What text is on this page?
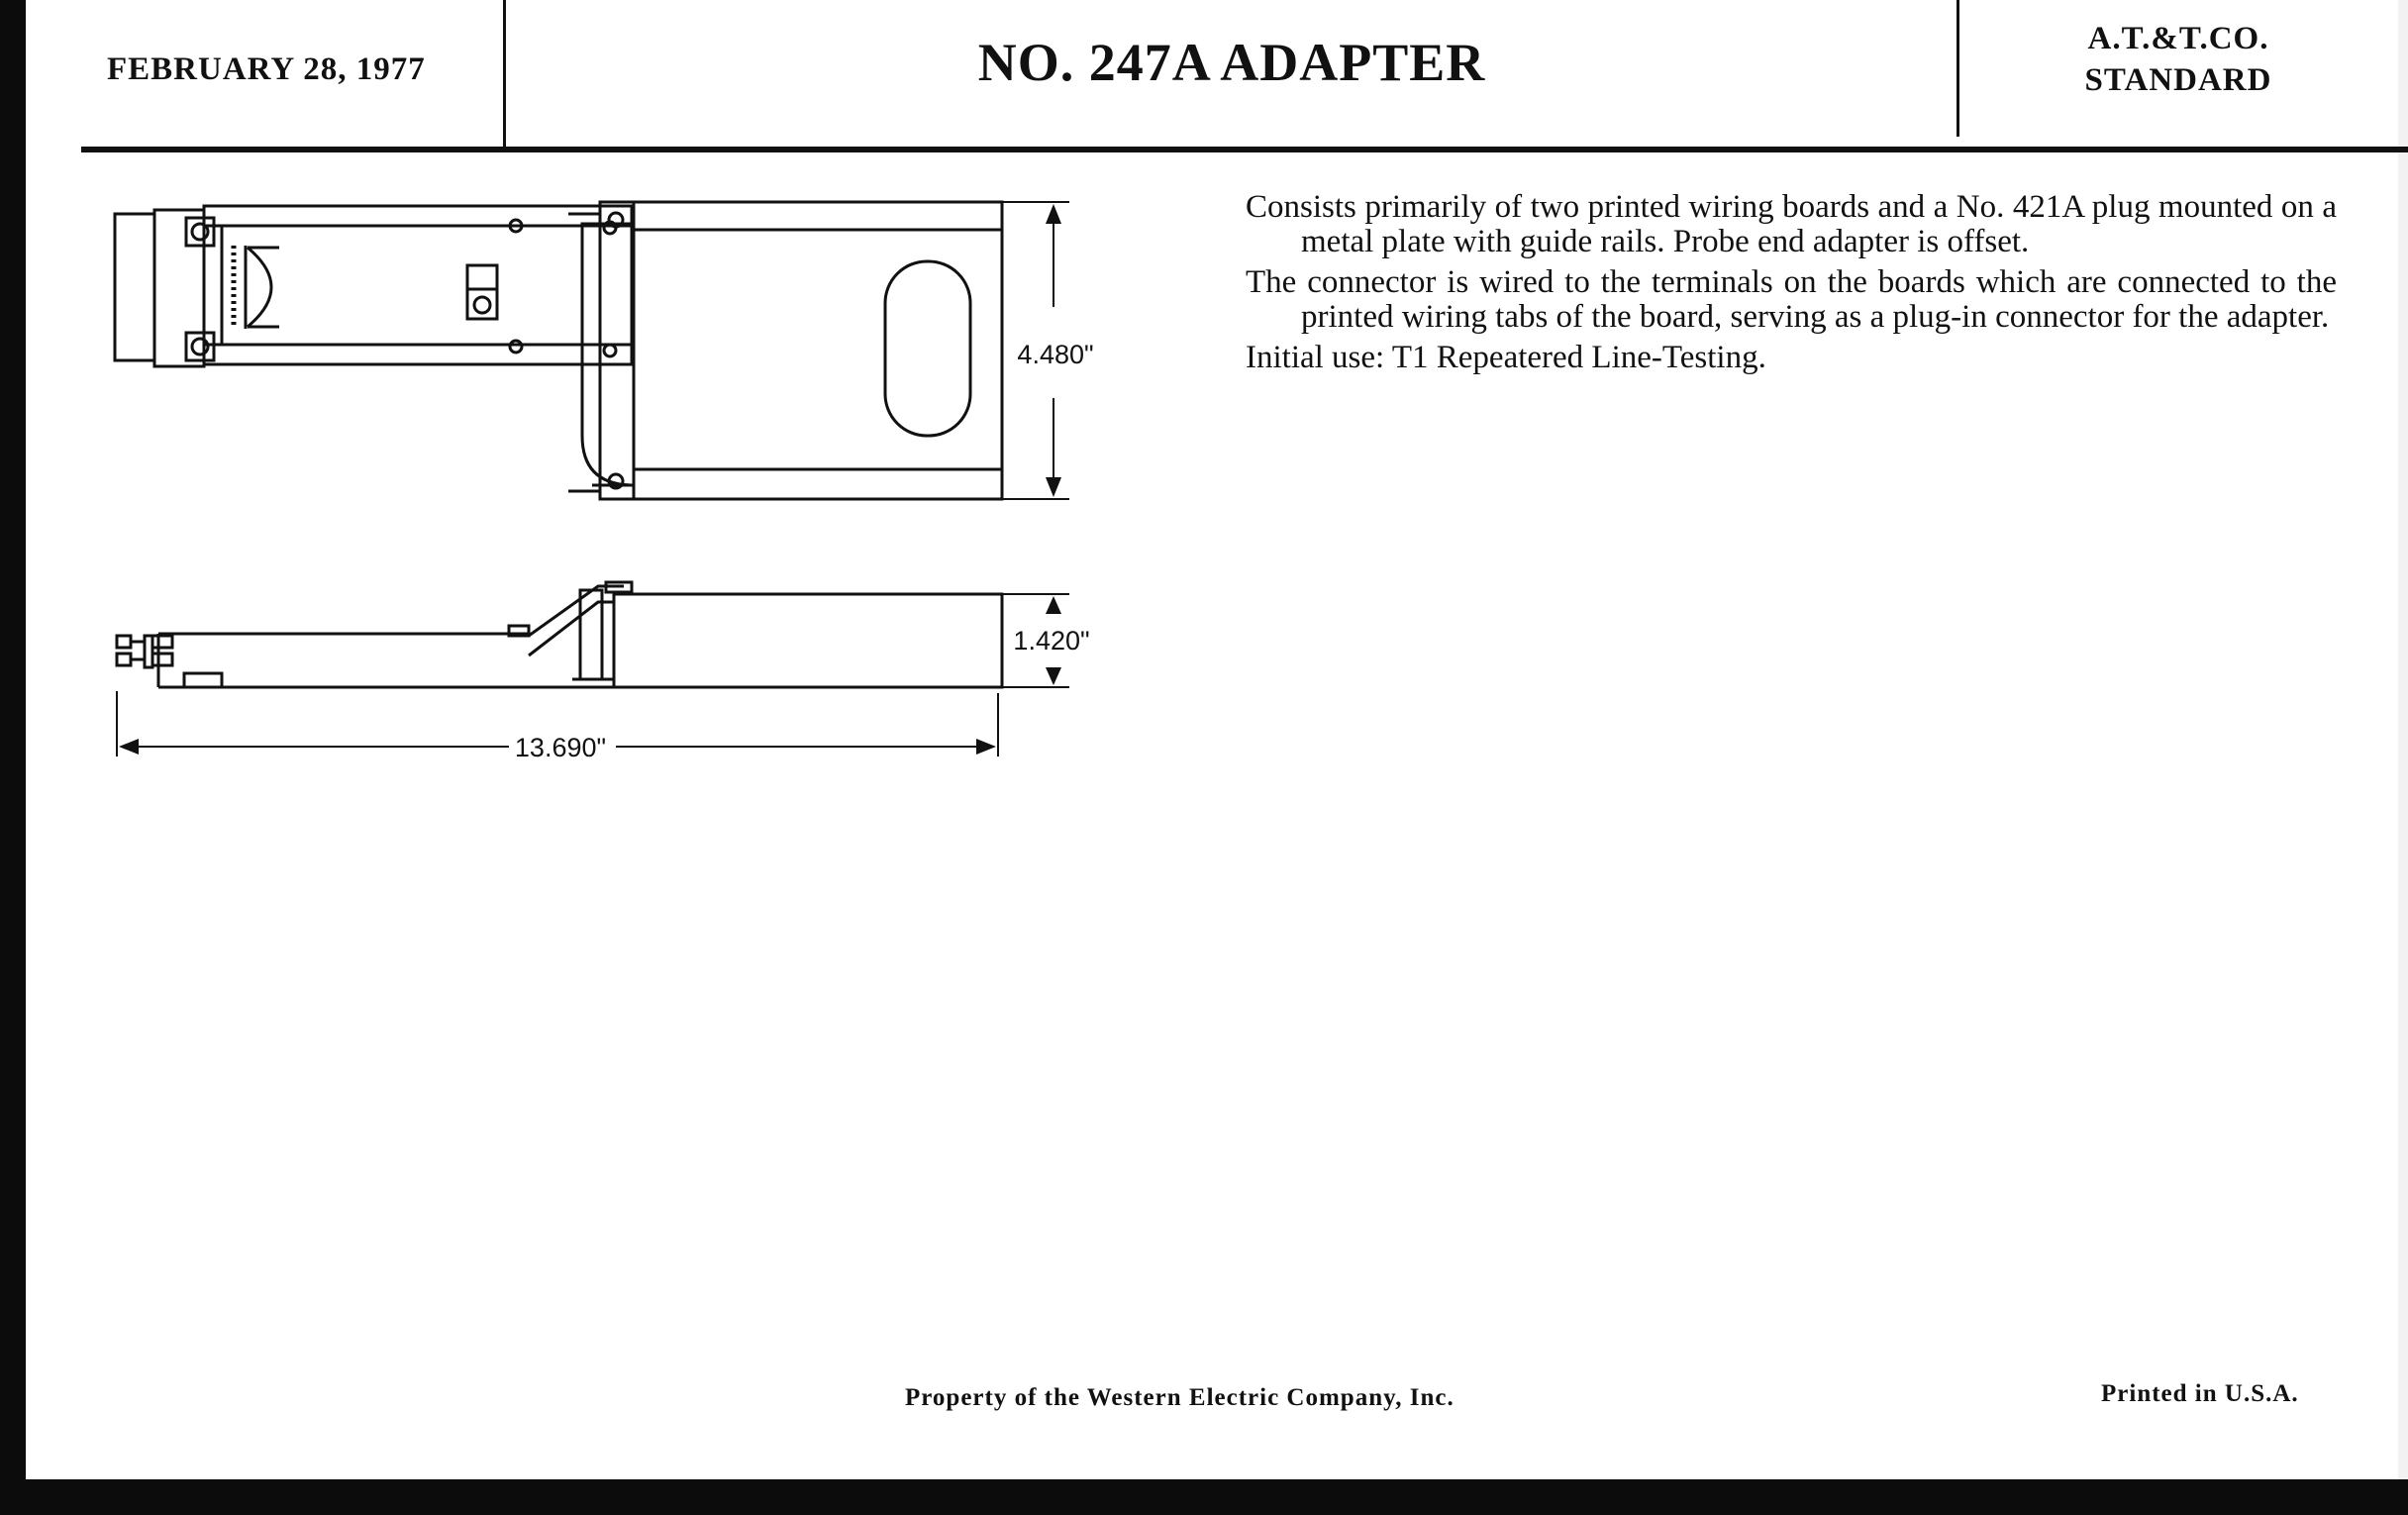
FEBRUARY 28, 1977	NO. 247A ADAPTER	A.T.&T.CO.
STANDARD
4.480"
1.420"
13.690"

Consists primarily of two printed wiring boards and a No. 421A plug mounted on a metal plate with guide rails. Probe end adapter is offset.

The connector is wired to the terminals on the boards which are connected to the printed wiring tabs of the board, serving as a plug-in connector for the adapter.

Initial use: T1 Repeatered Line-Testing.

Property of the Western Electric Company, Inc.	Printed in U.S.A.
